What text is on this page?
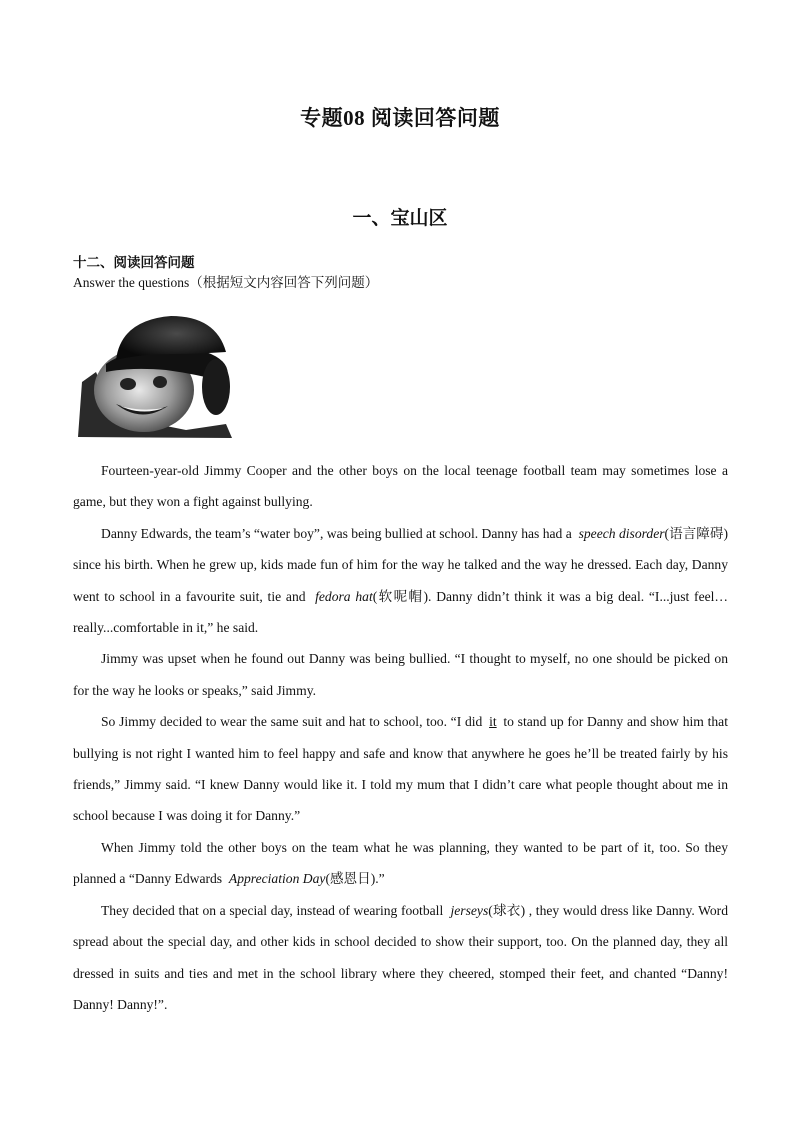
专题08 阅读回答问题
一、宝山区
十二、阅读回答问题
Answer the questions（根据短文内容回答下列问题）

Fourteen-year-old Jimmy Cooper and the other boys on the local teenage football team may sometimes lose a game, but they won a fight against bullying.

Danny Edwards, the team’s “water boy”, was being bullied at school. Danny has had a speech disorder(语言障碍) since his birth. When he grew up, kids made fun of him for the way he talked and the way he dressed. Each day, Danny went to school in a favourite suit, tie and fedora hat(软呢帽). Danny didn’t think it was a big deal. “I...just feel…really...comfortable in it,” he said.

Jimmy was upset when he found out Danny was being bullied. “I thought to myself, no one should be picked on for the way he looks or speaks,” said Jimmy.

So Jimmy decided to wear the same suit and hat to school, too. “I did it to stand up for Danny and show him that bullying is not right I wanted him to feel happy and safe and know that anywhere he goes he’ll be treated fairly by his friends,” Jimmy said. “I knew Danny would like it. I told my mum that I didn’t care what people thought about me in school because I was doing it for Danny.”

When Jimmy told the other boys on the team what he was planning, they wanted to be part of it, too. So they planned a “Danny Edwards Appreciation Day(感恩日).”

They decided that on a special day, instead of wearing football jerseys(球衣) , they would dress like Danny. Word spread about the special day, and other kids in school decided to show their support, too. On the planned day, they all dressed in suits and ties and met in the school library where they cheered, stomped their feet, and chanted “Danny! Danny! Danny!”.
